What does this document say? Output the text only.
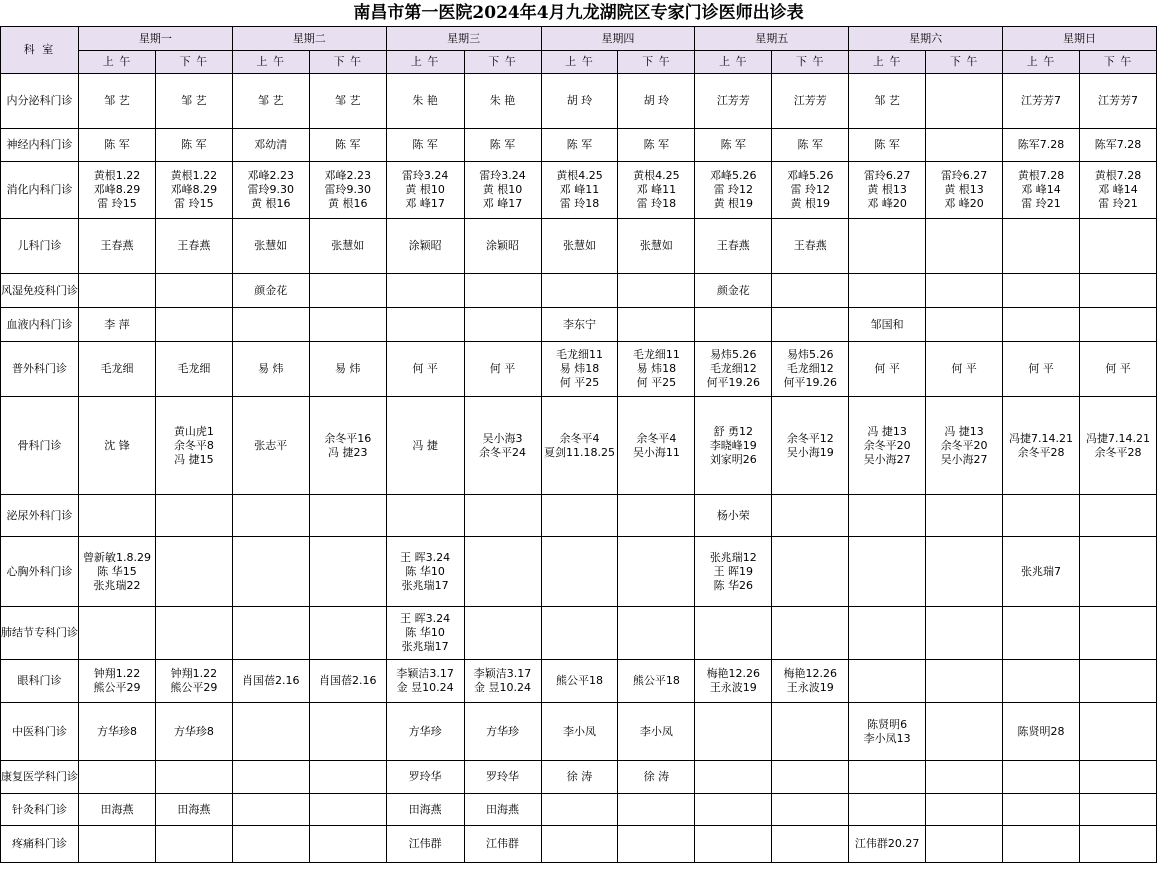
南昌市第一医院2024年4月九龙湖院区专家门诊医师出诊表
科 室	星期一		星期二		星期三		星期四		星期五		星期六		星期日	
	上 午	下 午	上 午	下 午	上 午	下 午	上 午	下 午	上 午	下 午	上 午	下 午	上 午	下 午
内分泌科门诊	邹 艺	邹 艺	邹 艺	邹 艺	朱 艳	朱 艳	胡 玲	胡 玲	江芳芳	江芳芳	邹 艺		江芳芳7	江芳芳7

神经内科门诊	陈 军	陈 军	邓幼清	陈 军	陈 军	陈 军	陈 军	陈 军	陈 军	陈 军	陈 军		陈军7.28	陈军7.28

消化内科门诊	黄根1.22
邓峰8.29
雷 玲15	黄根1.22
邓峰8.29
雷 玲15	邓峰2.23
雷玲9.30
黄 根16	邓峰2.23
雷玲9.30
黄 根16	雷玲3.24
黄 根10
邓 峰17	雷玲3.24
黄 根10
邓 峰17	黄根4.25
邓 峰11
雷 玲18	黄根4.25
邓 峰11
雷 玲18	邓峰5.26
雷 玲12
黄 根19	邓峰5.26
雷 玲12
黄 根19	雷玲6.27
黄 根13
邓 峰20	雷玲6.27
黄 根13
邓 峰20	黄根7.28
邓 峰14
雷 玲21	黄根7.28
邓 峰14
雷 玲21

儿科门诊	王春燕	王春燕	张慧如	张慧如	涂颖昭	涂颖昭	张慧如	张慧如	王春燕	王春燕				

风湿免疫科门诊			颜金花						颜金花					

血液内科门诊	李 萍						李东宁				邹国和			

普外科门诊	毛龙细	毛龙细	易 炜	易 炜	何 平	何 平	毛龙细11
易 炜18
何 平25	毛龙细11
易 炜18
何 平25	易炜5.26
毛龙细12
何平19.26	易炜5.26
毛龙细12
何平19.26	何 平	何 平	何 平	何 平

骨科门诊	沈 锋	黄山虎1
余冬平8
冯 捷15	张志平	余冬平16
冯 捷23	冯 捷	吴小海3
余冬平24	余冬平4
夏剑11.18.25	余冬平4
吴小海11	舒 勇12
李晓峰19
刘家明26	余冬平12
吴小海19	冯 捷13
余冬平20
吴小海27	冯 捷13
余冬平20
吴小海27	冯捷7.14.21
余冬平28	冯捷7.14.21
余冬平28

泌尿外科门诊									杨小荣					

心胸外科门诊	曾新敏1.8.29
陈 华15
张兆瑞22				王 晖3.24
陈 华10
张兆瑞17				张兆瑞12
王 晖19
陈 华26				张兆瑞7	

肺结节专科门诊					王 晖3.24
陈 华10
张兆瑞17									

眼科门诊	钟翔1.22
熊公平29	钟翔1.22
熊公平29	肖国蓓2.16	肖国蓓2.16	李颖洁3.17
金 昱10.24	李颖洁3.17
金 昱10.24	熊公平18	熊公平18	梅艳12.26
王永波19	梅艳12.26
王永波19				

中医科门诊	方华珍8	方华珍8			方华珍	方华珍	李小凤	李小凤			陈贤明6
李小凤13		陈贤明28	

康复医学科门诊					罗玲华	罗玲华	徐 涛	徐 涛						

针灸科门诊	田海燕	田海燕			田海燕	田海燕								

疼痛科门诊					江伟群	江伟群					江伟群20.27			
